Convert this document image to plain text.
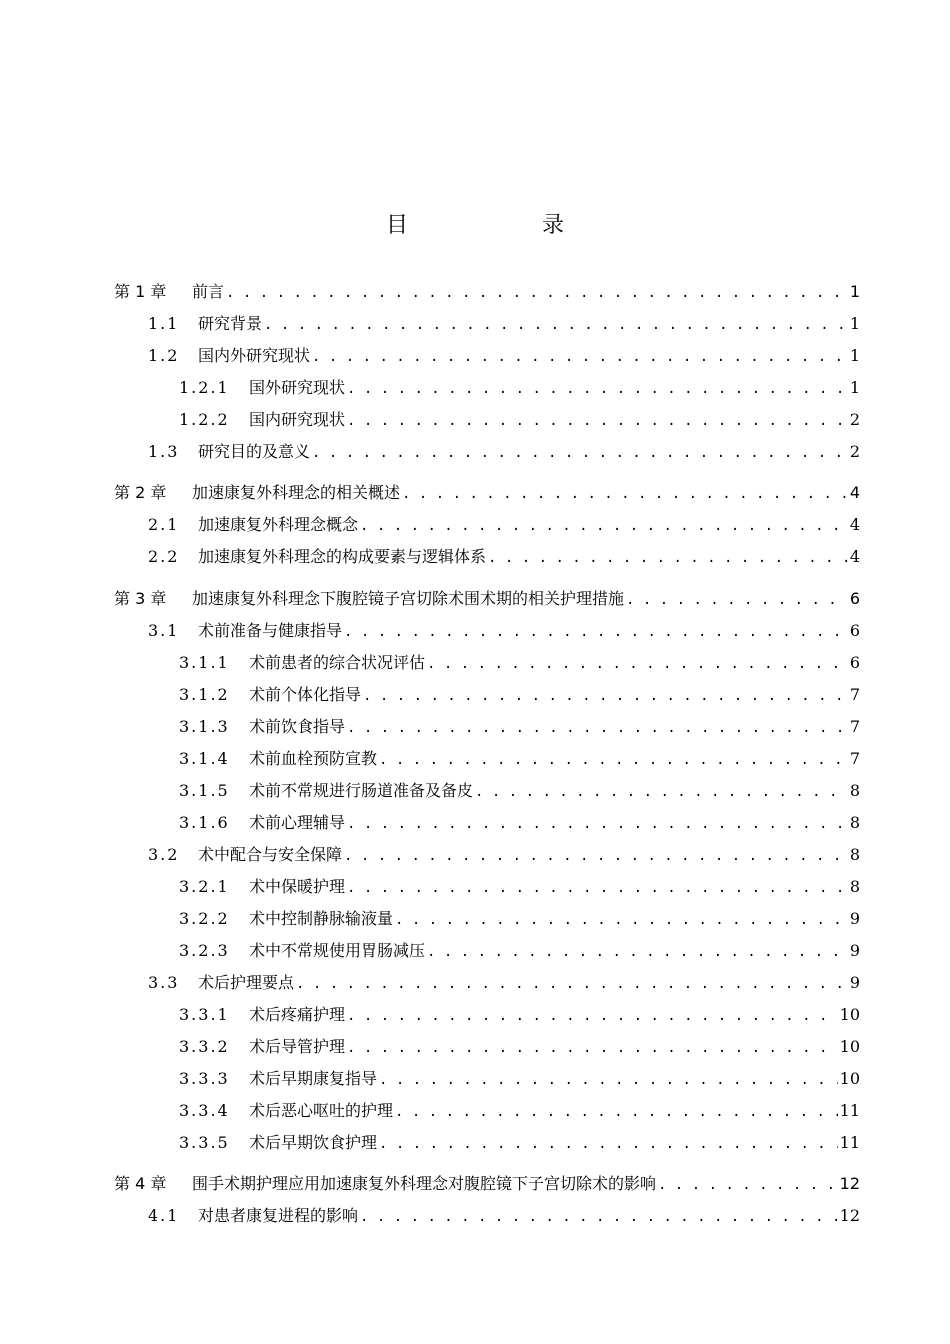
目　录
第 1 章	前言 . . .	1
1.1	研究背景 . . .	1
1.2	国内外研究现状 . . .	1
1.2.1	国外研究现状 . . .	1
1.2.2	国内研究现状 . . .	2
1.3	研究目的及意义 . . .	2
第 2 章	加速康复外科理念的相关概述 . . .	4
2.1	加速康复外科理念概念 . . .	4
2.2	加速康复外科理念的构成要素与逻辑体系 . . .	4
第 3 章	加速康复外科理念下腹腔镜子宫切除术围术期的相关护理措施 . . .	6
3.1	术前准备与健康指导 . . .	6
3.1.1	术前患者的综合状况评估 . . .	6
3.1.2	术前个体化指导 . . .	7
3.1.3	术前饮食指导 . . .	7
3.1.4	术前血栓预防宣教 . . .	7
3.1.5	术前不常规进行肠道准备及备皮 . . .	8
3.1.6	术前心理辅导 . . .	8
3.2	术中配合与安全保障 . . .	8
3.2.1	术中保暖护理 . . .	8
3.2.2	术中控制静脉输液量 . . .	9
3.2.3	术中不常规使用胃肠减压 . . .	9
3.3	术后护理要点 . . .	9
3.3.1	术后疼痛护理 . . .	10
3.3.2	术后导管护理 . . .	10
3.3.3	术后早期康复指导 . . .	10
3.3.4	术后恶心呕吐的护理 . . .	11
3.3.5	术后早期饮食护理 . . .	11
第 4 章	围手术期护理应用加速康复外科理念对腹腔镜下子宫切除术的影响 . . .	12
4.1	对患者康复进程的影响 . . .	12
